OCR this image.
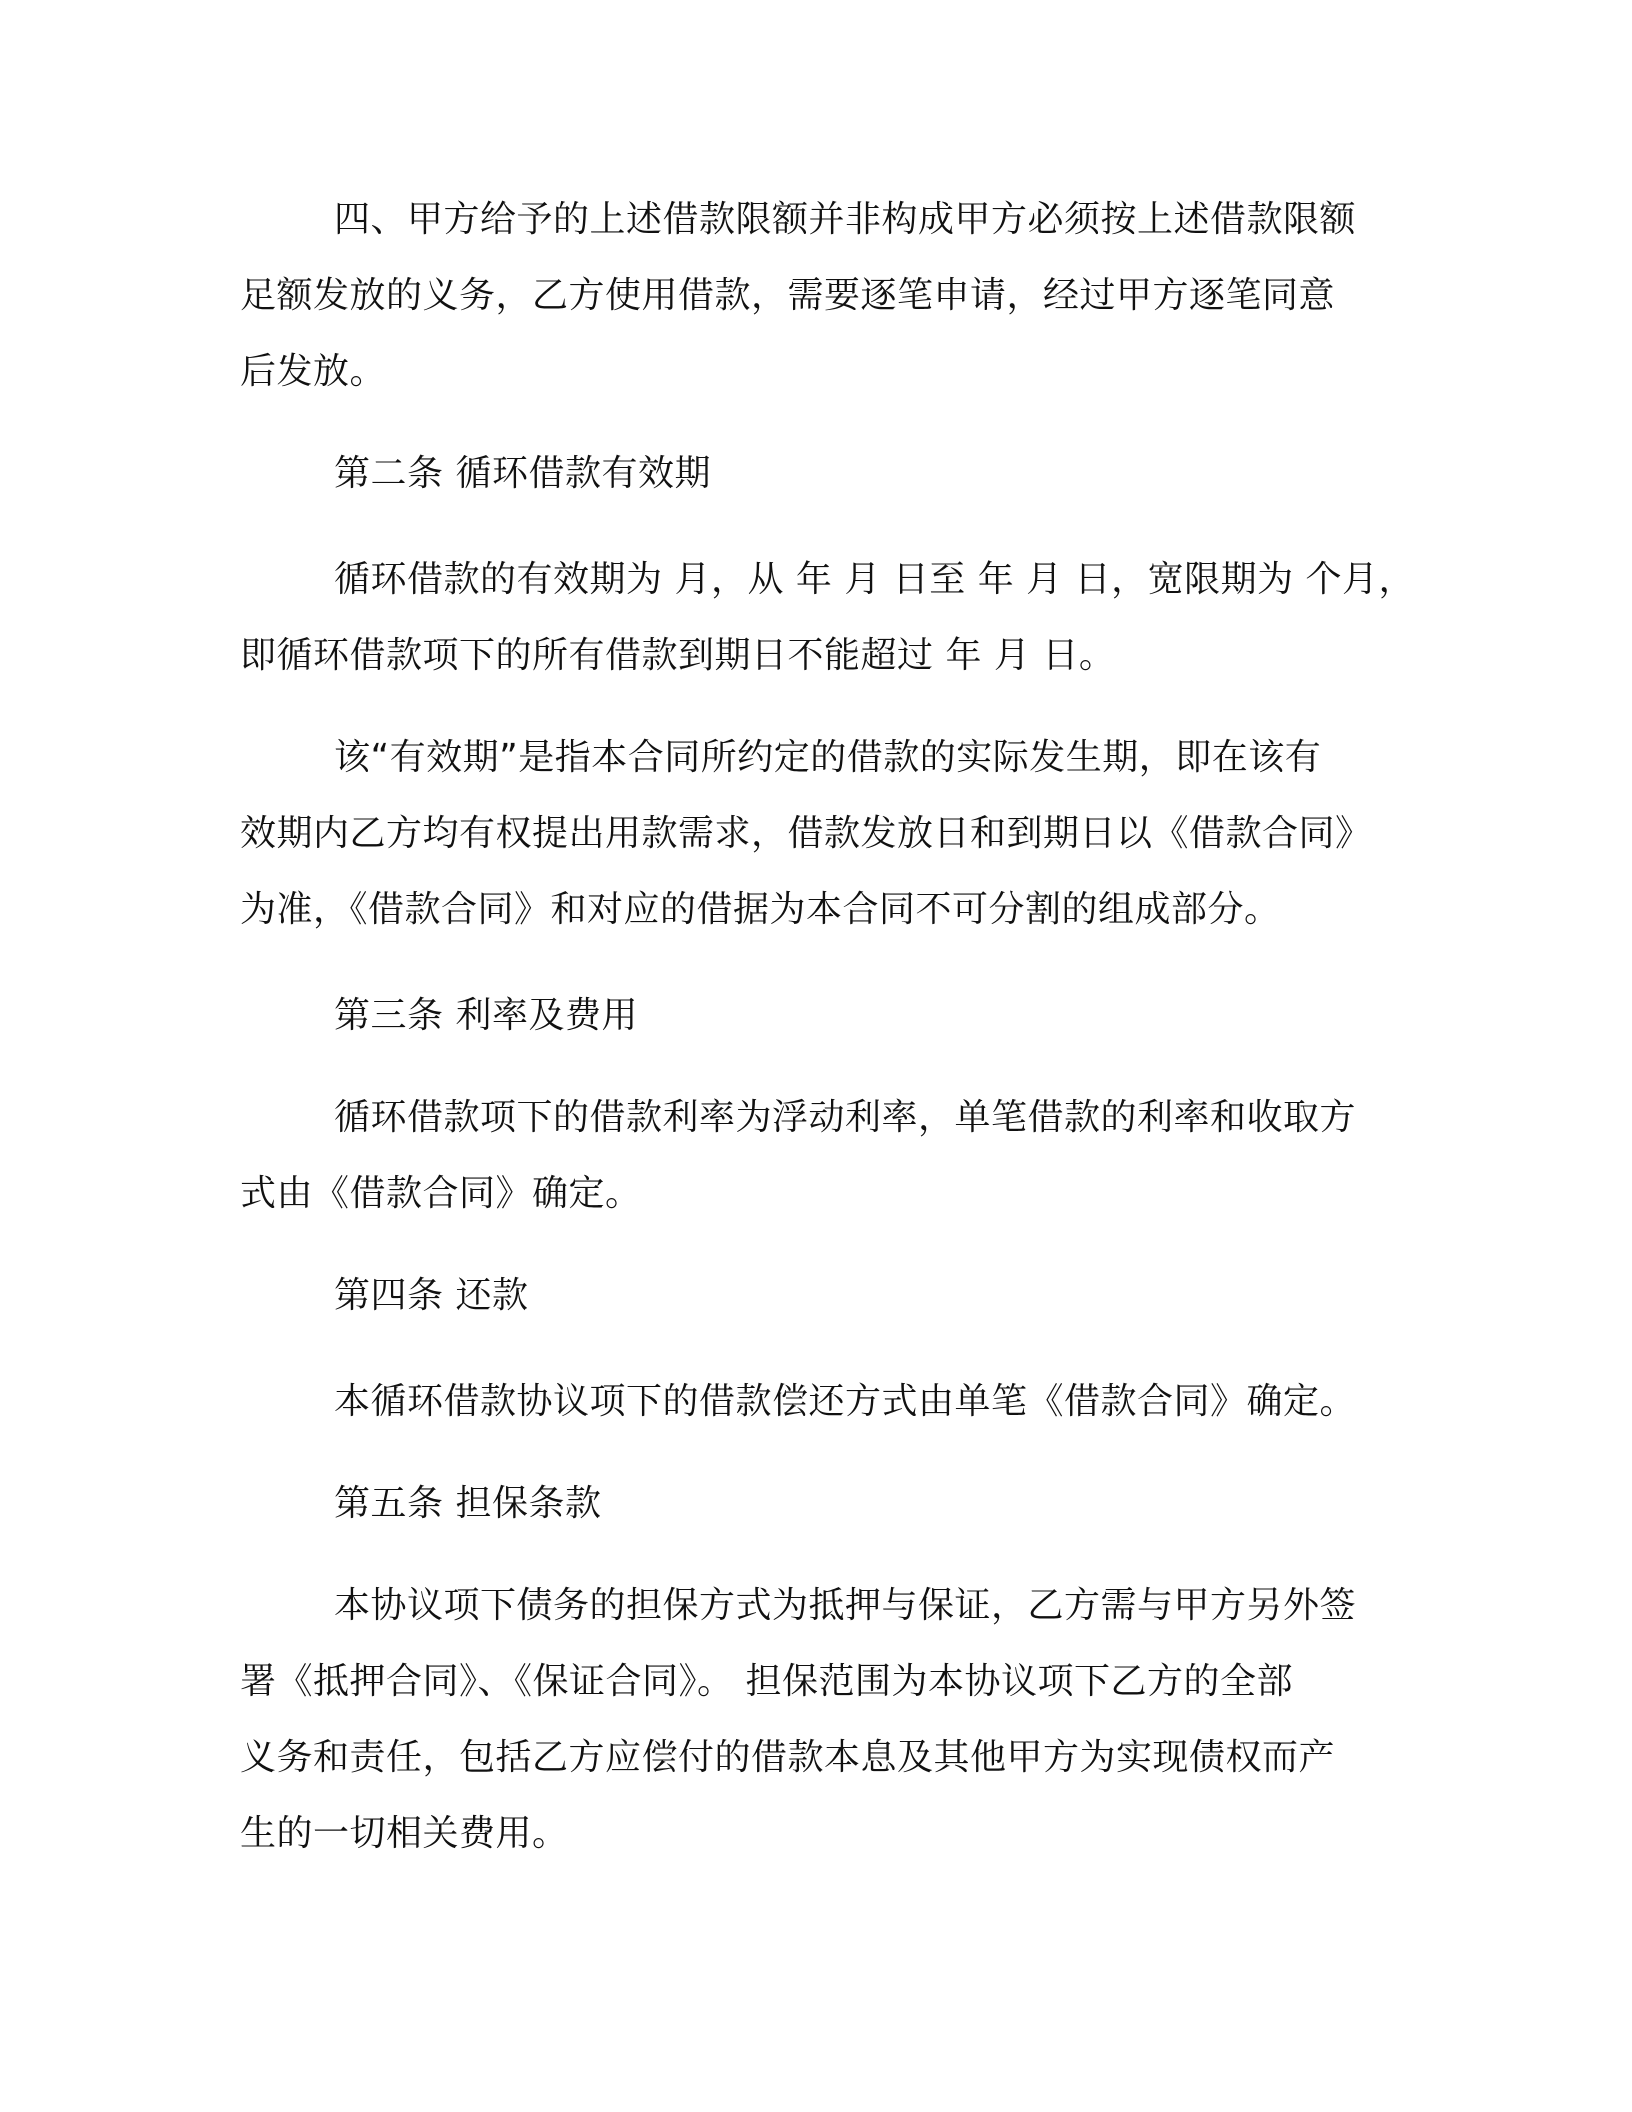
四、甲方给予的上述借款限额并非构成甲方必须按上述借款限额
足额发放的义务，乙方使用借款，需要逐笔申请，经过甲方逐笔同意
后发放。
第二条 循环借款有效期
循环借款的有效期为 月，从 年 月 日至 年 月 日，宽限期为 个月，
即循环借款项下的所有借款到期日不能超过 年 月 日。
该“有效期”是指本合同所约定的借款的实际发生期，即在该有
效期内乙方均有权提出用款需求，借款发放日和到期日以《借款合同》
为准，《借款合同》和对应的借据为本合同不可分割的组成部分。
第三条 利率及费用
循环借款项下的借款利率为浮动利率，单笔借款的利率和收取方
式由《借款合同》确定。
第四条 还款
本循环借款协议项下的借款偿还方式由单笔《借款合同》确定。
第五条 担保条款
本协议项下债务的担保方式为抵押与保证，乙方需与甲方另外签
署《抵押合同》、《保证合同》。 担保范围为本协议项下乙方的全部
义务和责任，包括乙方应偿付的借款本息及其他甲方为实现债权而产
生的一切相关费用。
